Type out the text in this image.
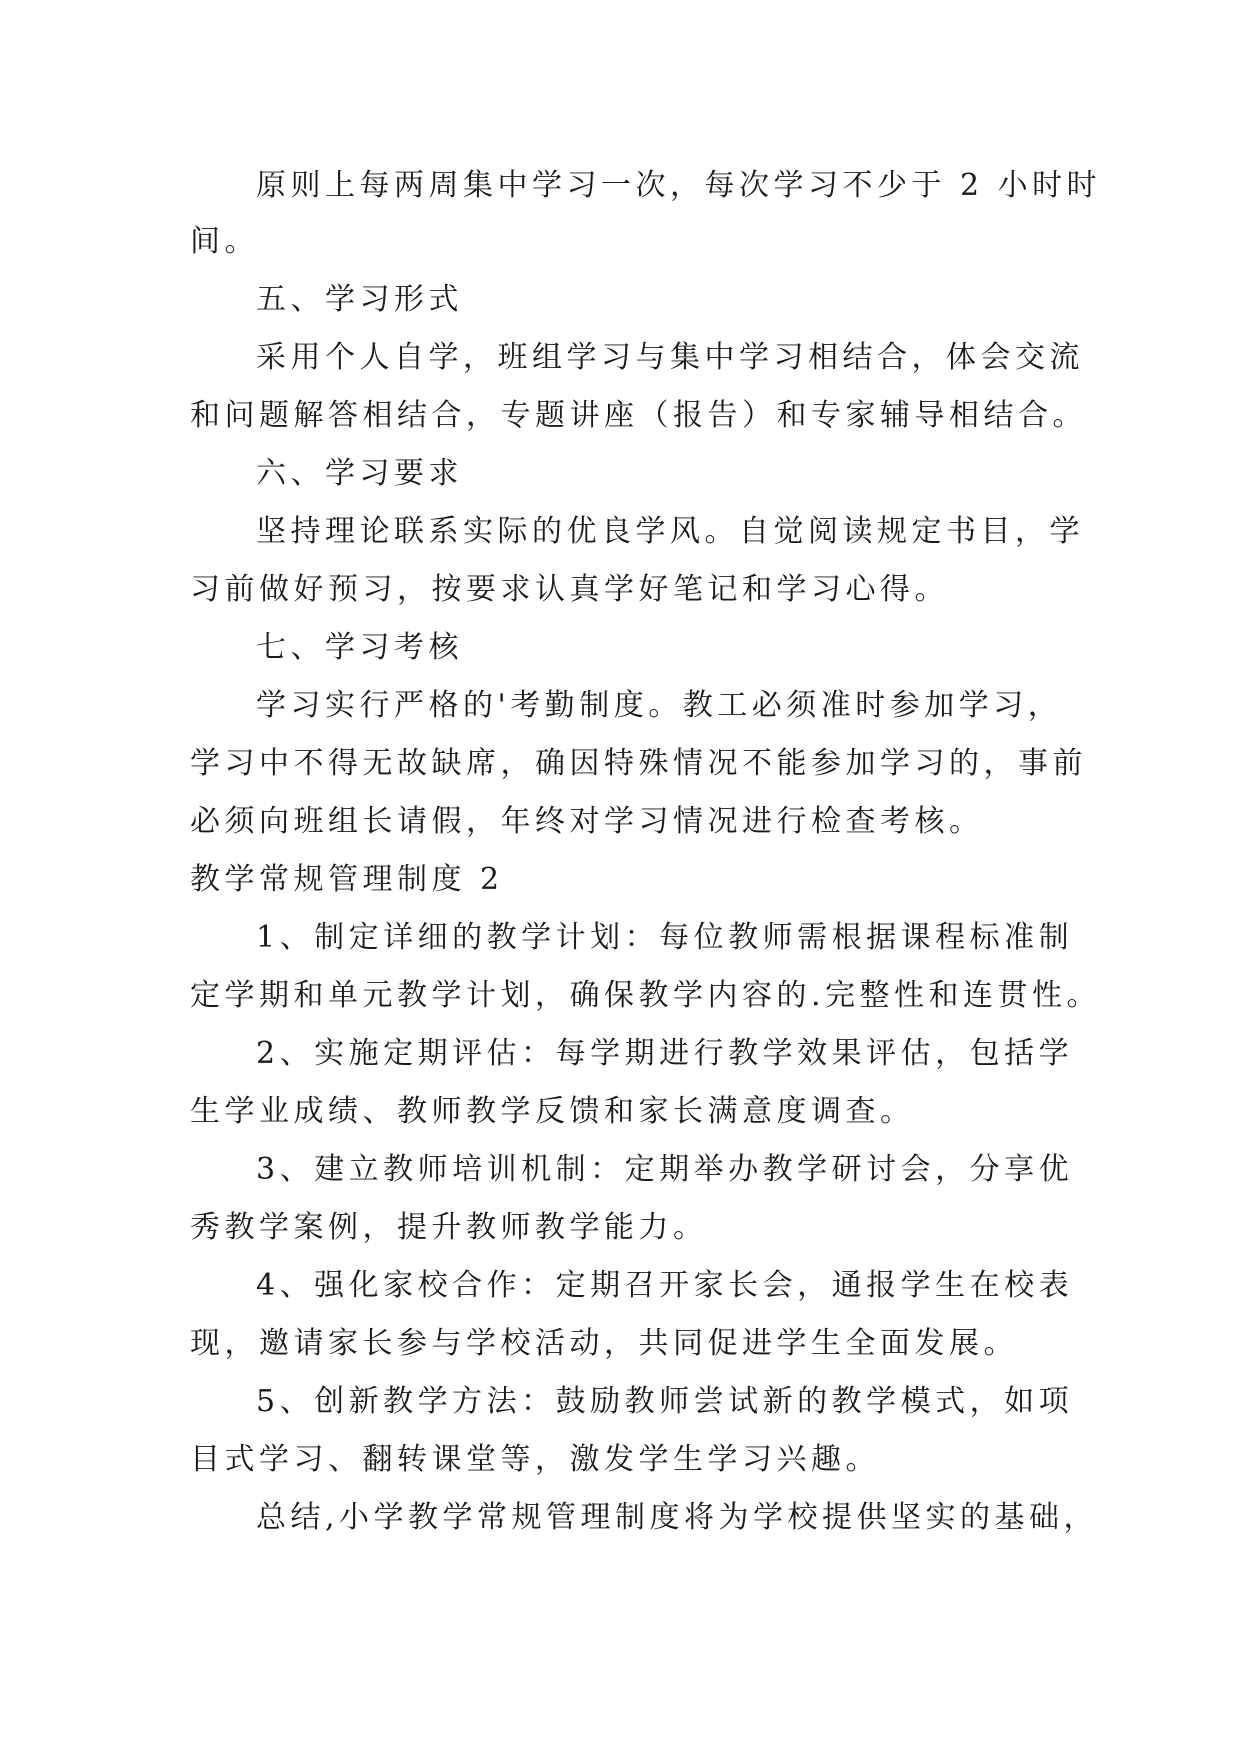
原则上每两周集中学习一次，每次学习不少于 2 小时时
间。
五、学习形式
采用个人自学，班组学习与集中学习相结合，体会交流
和问题解答相结合，专题讲座（报告）和专家辅导相结合。
六、学习要求
坚持理论联系实际的优良学风。自觉阅读规定书目，学
习前做好预习，按要求认真学好笔记和学习心得。
七、学习考核
学习实行严格的'考勤制度。教工必须准时参加学习，
学习中不得无故缺席，确因特殊情况不能参加学习的，事前
必须向班组长请假，年终对学习情况进行检查考核。
教学常规管理制度 2
1、制定详细的教学计划：每位教师需根据课程标准制
定学期和单元教学计划，确保教学内容的.完整性和连贯性。
2、实施定期评估：每学期进行教学效果评估，包括学
生学业成绩、教师教学反馈和家长满意度调查。
3、建立教师培训机制：定期举办教学研讨会，分享优
秀教学案例，提升教师教学能力。
4、强化家校合作：定期召开家长会，通报学生在校表
现，邀请家长参与学校活动，共同促进学生全面发展。
5、创新教学方法：鼓励教师尝试新的教学模式，如项
目式学习、翻转课堂等，激发学生学习兴趣。
总结,小学教学常规管理制度将为学校提供坚实的基础，
